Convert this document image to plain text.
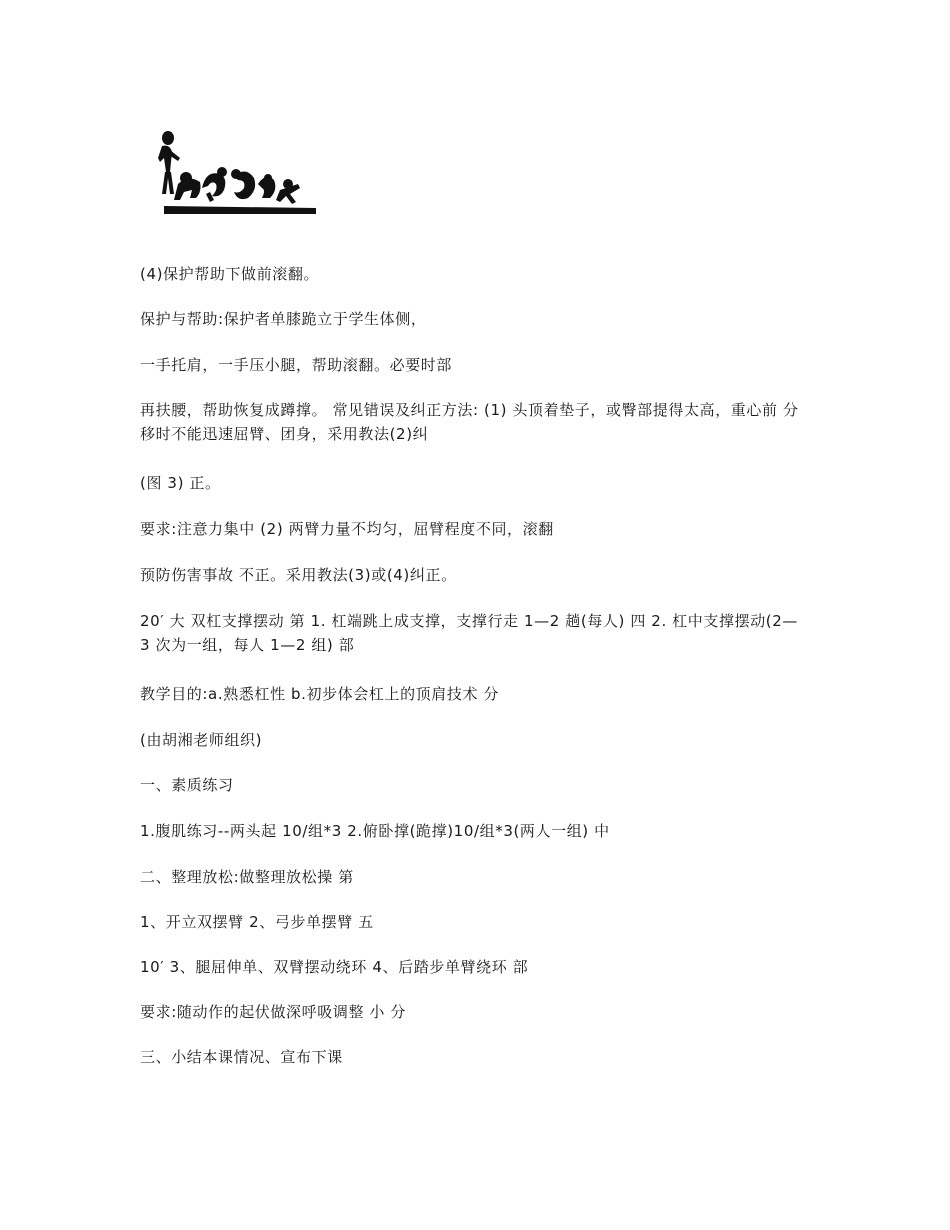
(4)保护帮助下做前滚翻。
保护与帮助:保护者单膝跪立于学生体侧，
一手托肩，一手压小腿，帮助滚翻。必要时部
再扶腰，帮助恢复成蹲撑。 常见错误及纠正方法: (1) 头顶着垫子，或臀部提得太高，重心前 分 移时不能迅速屈臂、团身，采用教法(2)纠
(图 3) 正。
要求:注意力集中 (2) 两臂力量不均匀，屈臂程度不同，滚翻
预防伤害事故 不正。采用教法(3)或(4)纠正。
20′ 大 双杠支撑摆动 第 1. 杠端跳上成支撑，支撑行走 1—2 趟(每人) 四 2. 杠中支撑摆动(2—3 次为一组，每人 1—2 组) 部
教学目的:a.熟悉杠性 b.初步体会杠上的顶肩技术 分
(由胡湘老师组织)
一、素质练习
1.腹肌练习--两头起 10/组*3 2.俯卧撑(跪撑)10/组*3(两人一组) 中
二、整理放松:做整理放松操 第
1、开立双摆臂 2、弓步单摆臂 五
10′ 3、腿屈伸单、双臂摆动绕环 4、后踏步单臂绕环 部
要求:随动作的起伏做深呼吸调整 小 分
三、小结本课情况、宣布下课
